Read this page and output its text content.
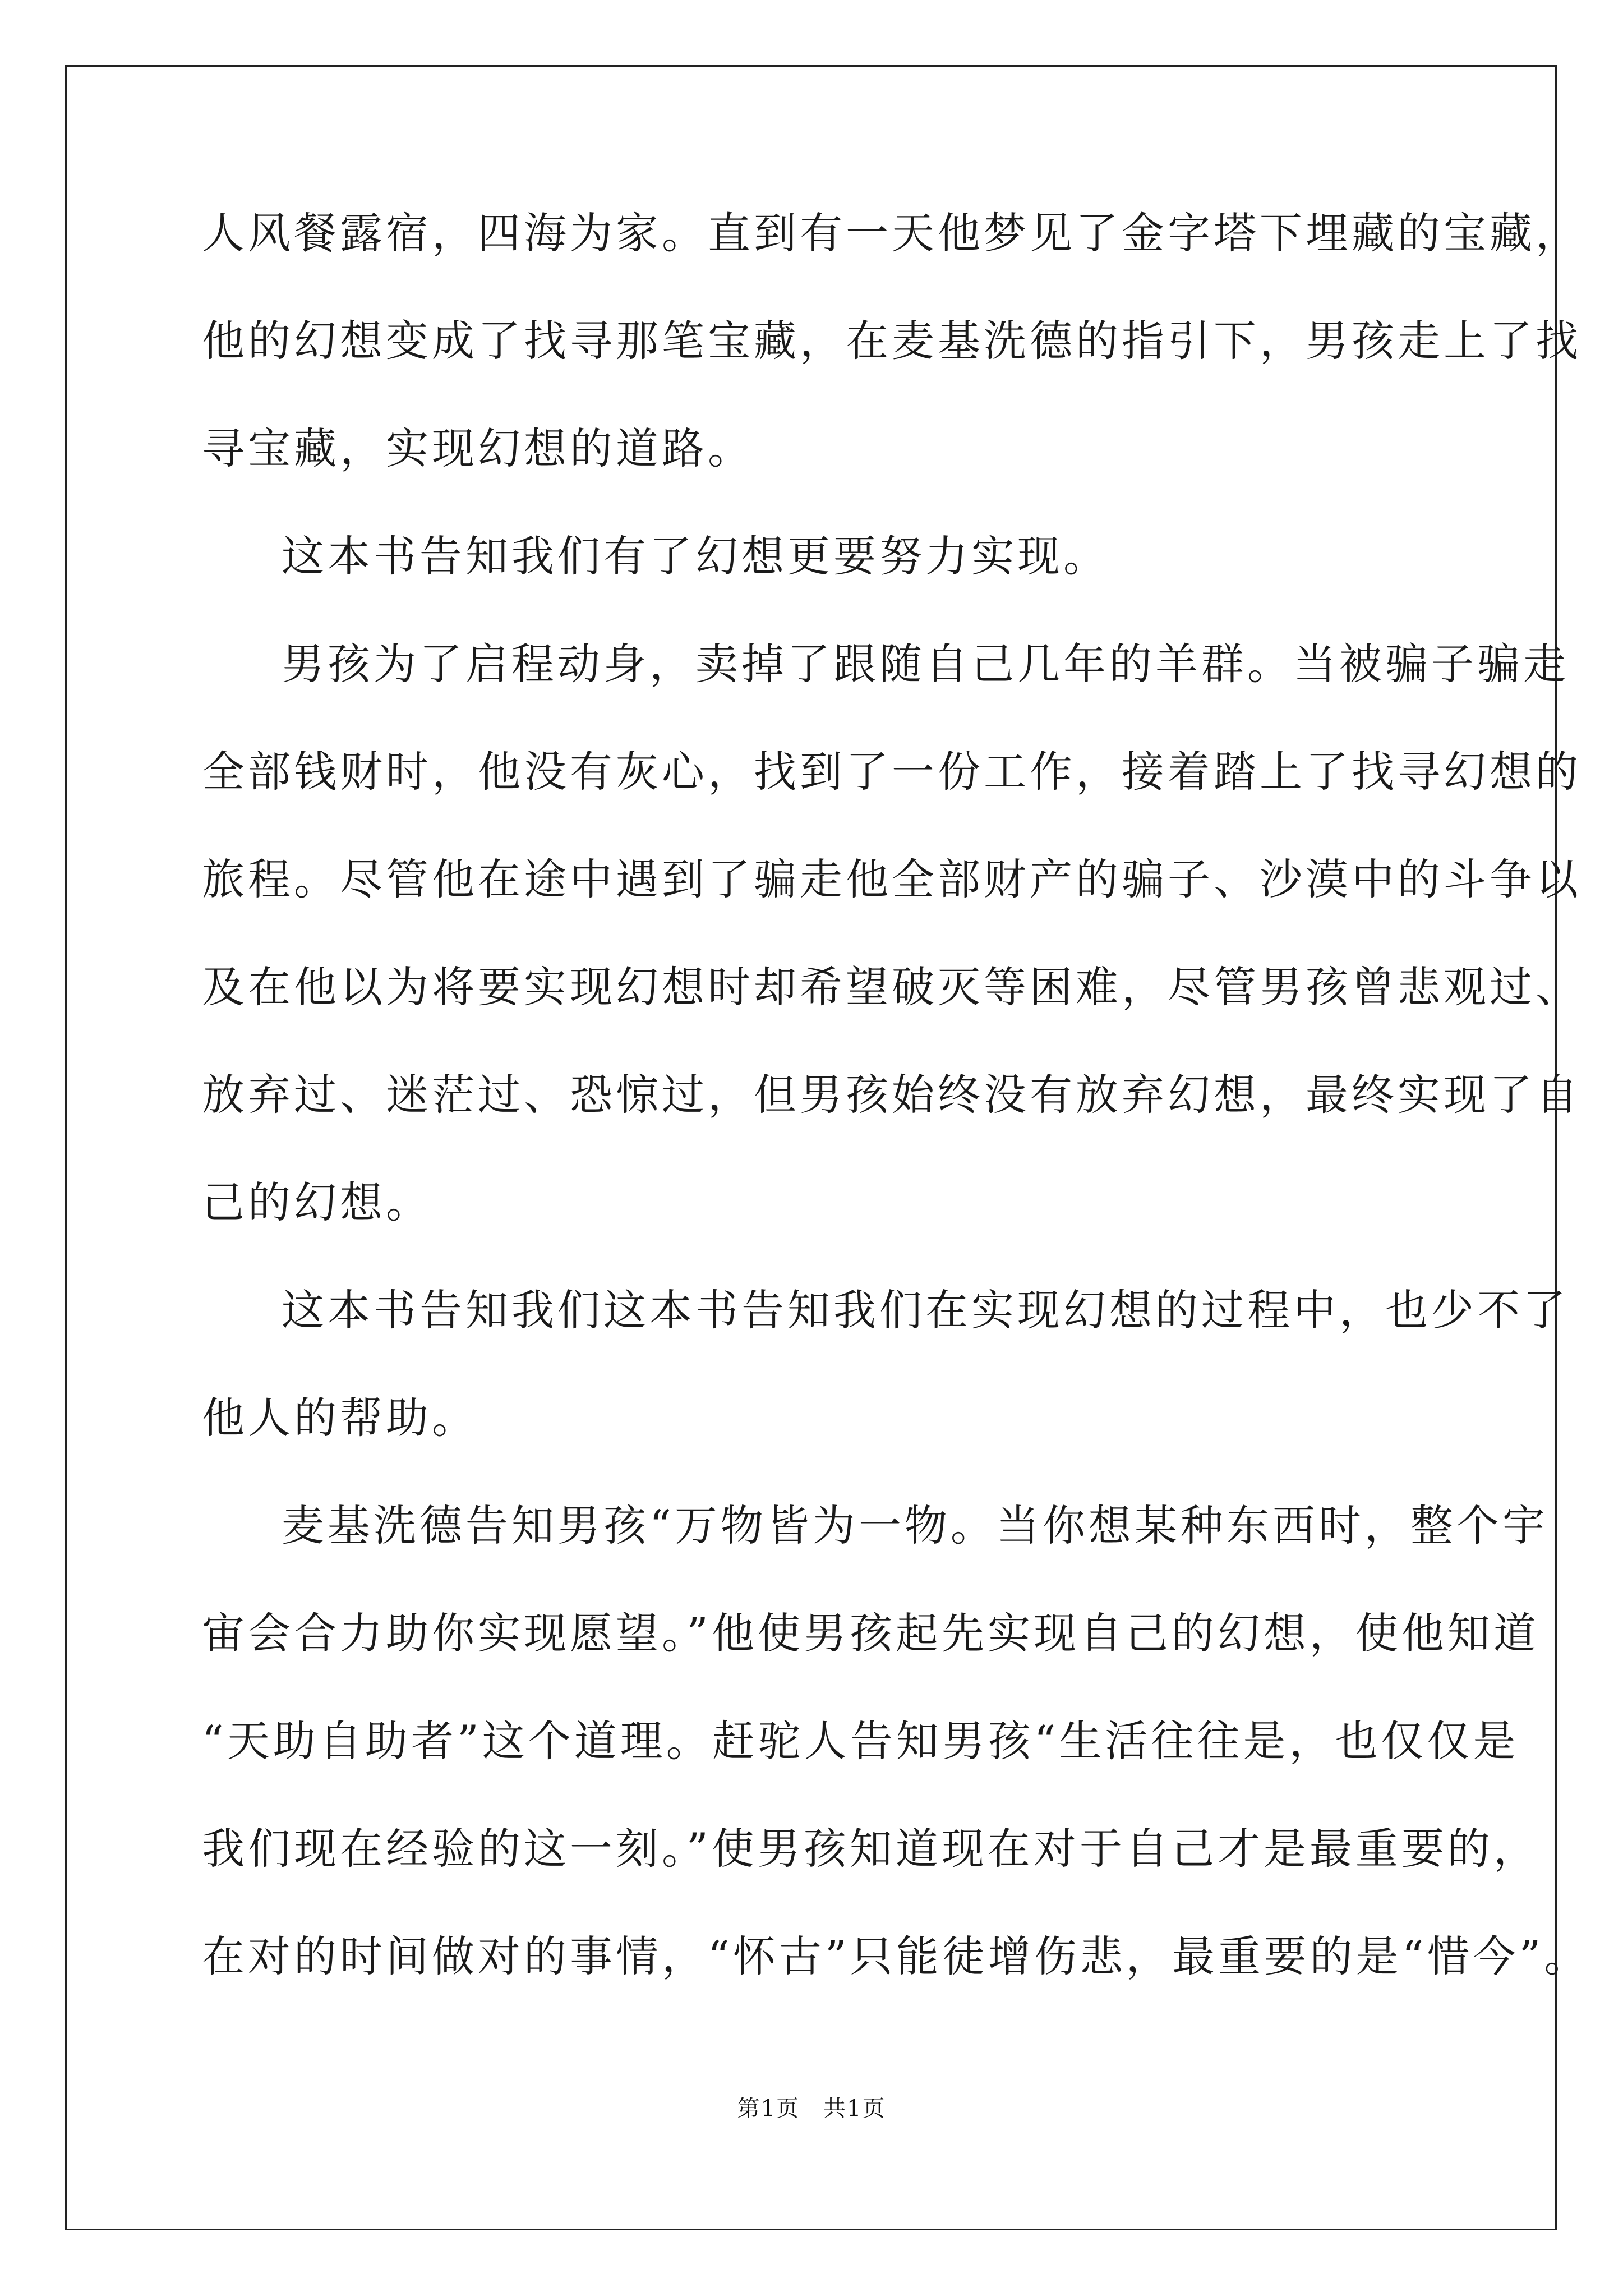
人风餐露宿，四海为家。直到有一天他梦见了金字塔下埋藏的宝藏，
他的幻想变成了找寻那笔宝藏，在麦基洗德的指引下，男孩走上了找
寻宝藏，实现幻想的道路。
这本书告知我们有了幻想更要努力实现。
男孩为了启程动身，卖掉了跟随自己几年的羊群。当被骗子骗走
全部钱财时，他没有灰心，找到了一份工作，接着踏上了找寻幻想的
旅程。尽管他在途中遇到了骗走他全部财产的骗子、沙漠中的斗争以
及在他以为将要实现幻想时却希望破灭等困难，尽管男孩曾悲观过、
放弃过、迷茫过、恐惊过，但男孩始终没有放弃幻想，最终实现了自
己的幻想。
这本书告知我们这本书告知我们在实现幻想的过程中，也少不了
他人的帮助。
麦基洗德告知男孩“万物皆为一物。当你想某种东西时，整个宇
宙会合力助你实现愿望。”他使男孩起先实现自己的幻想，使他知道
“天助自助者”这个道理。赶驼人告知男孩“生活往往是，也仅仅是
我们现在经验的这一刻。”使男孩知道现在对于自己才是最重要的，
在对的时间做对的事情，“怀古”只能徒增伤悲，最重要的是“惜今”。
第1页 共1页
